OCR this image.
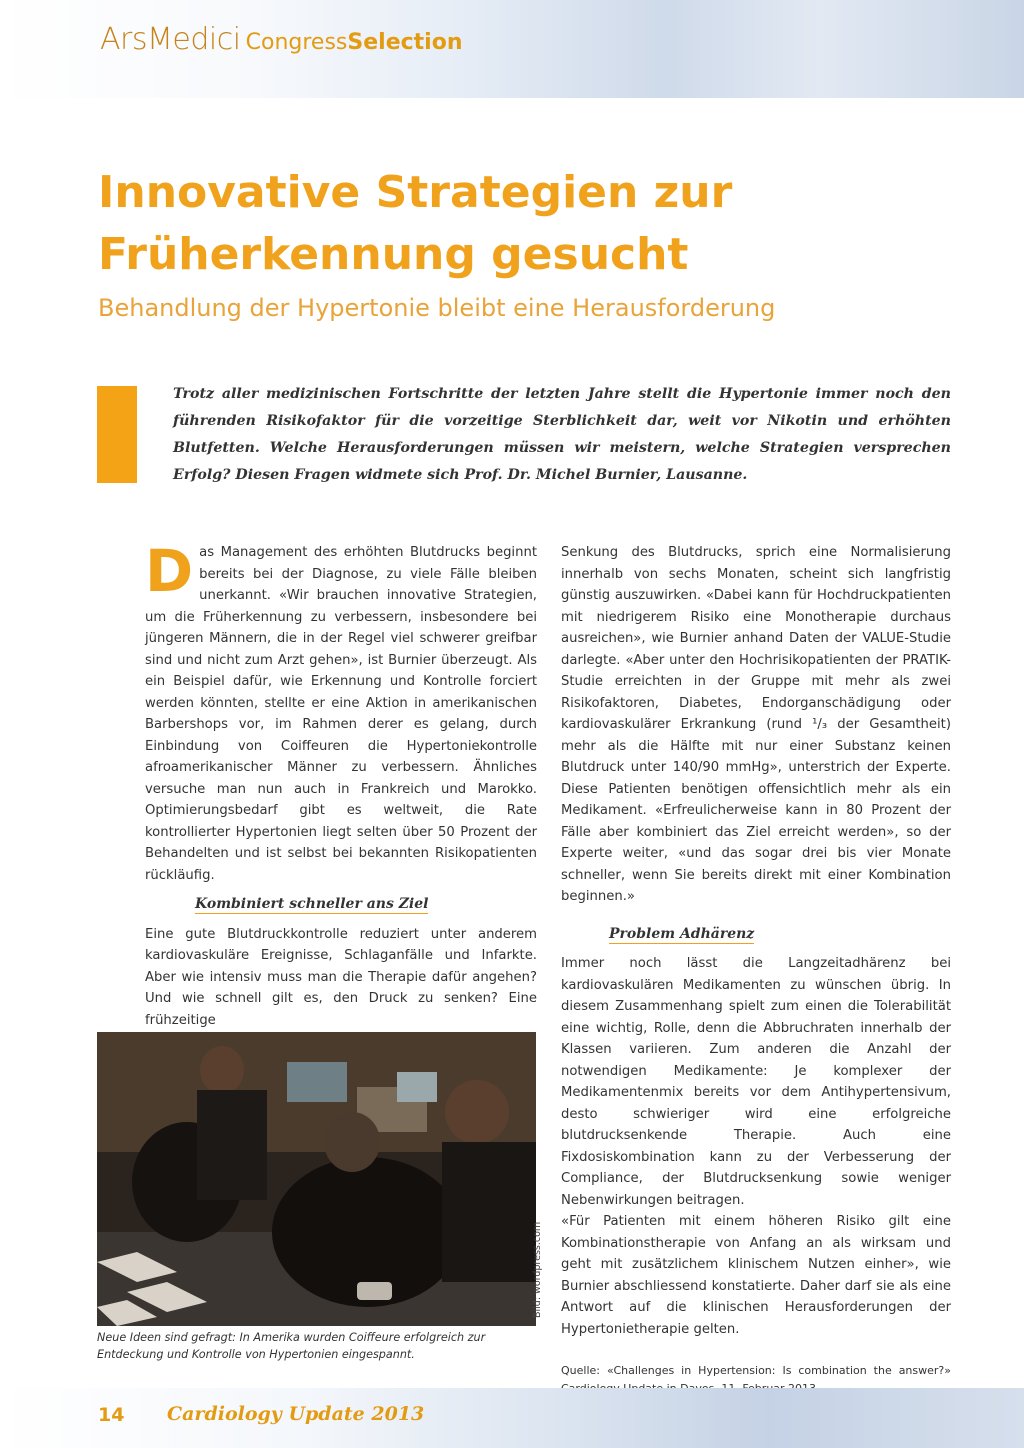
ArsMedici CongressSelection
Innovative Strategien zur Früherkennung gesucht
Behandlung der Hypertonie bleibt eine Herausforderung

Trotz aller medizinischen Fortschritte der letzten Jahre stellt die Hypertonie immer noch den führenden Risikofaktor für die vorzeitige Sterblichkeit dar, weit vor Nikotin und erhöhten Blutfetten. Welche Herausforderungen müssen wir meistern, welche Strategien versprechen Erfolg? Diesen Fragen widmete sich Prof. Dr. Michel Burnier, Lausanne.

Das Management des erhöhten Blutdrucks beginnt bereits bei der Diagnose, zu viele Fälle bleiben unerkannt. «Wir brauchen innovative Strategien, um die Früherkennung zu verbessern, insbesondere bei jüngeren Männern, die in der Regel viel schwerer greifbar sind und nicht zum Arzt gehen», ist Burnier überzeugt. Als ein Beispiel dafür, wie Erkennung und Kontrolle forciert werden könnten, stellte er eine Aktion in amerikanischen Barbershops vor, im Rahmen derer es gelang, durch Einbindung von Coiffeuren die Hypertoniekontrolle afroamerikanischer Männer zu verbessern. Ähnliches versuche man nun auch in Frankreich und Marokko. Optimierungsbedarf gibt es weltweit, die Rate kontrollierter Hypertonien liegt selten über 50 Prozent der Behandelten und ist selbst bei bekannten Risikopatienten rückläufig.

Kombiniert schneller ans Ziel

Eine gute Blutdruckkontrolle reduziert unter anderem kardiovaskuläre Ereignisse, Schlaganfälle und Infarkte. Aber wie intensiv muss man die Therapie dafür angehen? Und wie schnell gilt es, den Druck zu senken? Eine frühzeitige

Senkung des Blutdrucks, sprich eine Normalisierung innerhalb von sechs Monaten, scheint sich langfristig günstig auszuwirken. «Dabei kann für Hochdruckpatienten mit niedrigerem Risiko eine Monotherapie durchaus ausreichen», wie Burnier anhand Daten der VALUE-Studie darlegte. «Aber unter den Hochrisikopatienten der PRATIK-Studie erreichten in der Gruppe mit mehr als zwei Risikofaktoren, Diabetes, Endorganschädigung oder kardiovaskulärer Erkrankung (rund ¹/₃ der Gesamtheit) mehr als die Hälfte mit nur einer Substanz keinen Blutdruck unter 140/90 mmHg», unterstrich der Experte. Diese Patienten benötigen offensichtlich mehr als ein Medikament. «Erfreulicherweise kann in 80 Prozent der Fälle aber kombiniert das Ziel erreicht werden», so der Experte weiter, «und das sogar drei bis vier Monate schneller, wenn Sie bereits direkt mit einer Kombination beginnen.»

Problem Adhärenz

Immer noch lässt die Langzeitadhärenz bei kardiovaskulären Medikamenten zu wünschen übrig. In diesem Zusammenhang spielt zum einen die Tolerabilität eine wichtig, Rolle, denn die Abbruchraten innerhalb der Klassen variieren. Zum anderen die Anzahl der notwendigen Medikamente: Je komplexer der Medikamentenmix bereits vor dem Antihypertensivum, desto schwieriger wird eine erfolgreiche blutdrucksenkende Therapie. Auch eine Fixdosiskombination kann zu der Verbesserung der Compliance, der Blutdrucksenkung sowie weniger Nebenwirkungen beitragen.

«Für Patienten mit einem höheren Risiko gilt eine Kombinationstherapie von Anfang an als wirksam und geht mit zusätzlichem klinischem Nutzen einher», wie Burnier abschliessend konstatierte. Daher darf sie als eine Antwort auf die klinischen Herausforderungen der Hypertonietherapie gelten.

Quelle: «Challenges in Hypertension: Is combination the answer?»

Bild: wordpress.com

Neue Ideen sind gefragt: In Amerika wurden Coiffeure erfolgreich zur Entdeckung und Kontrolle von Hypertonien eingespannt.

14 Cardiology Update 2013
